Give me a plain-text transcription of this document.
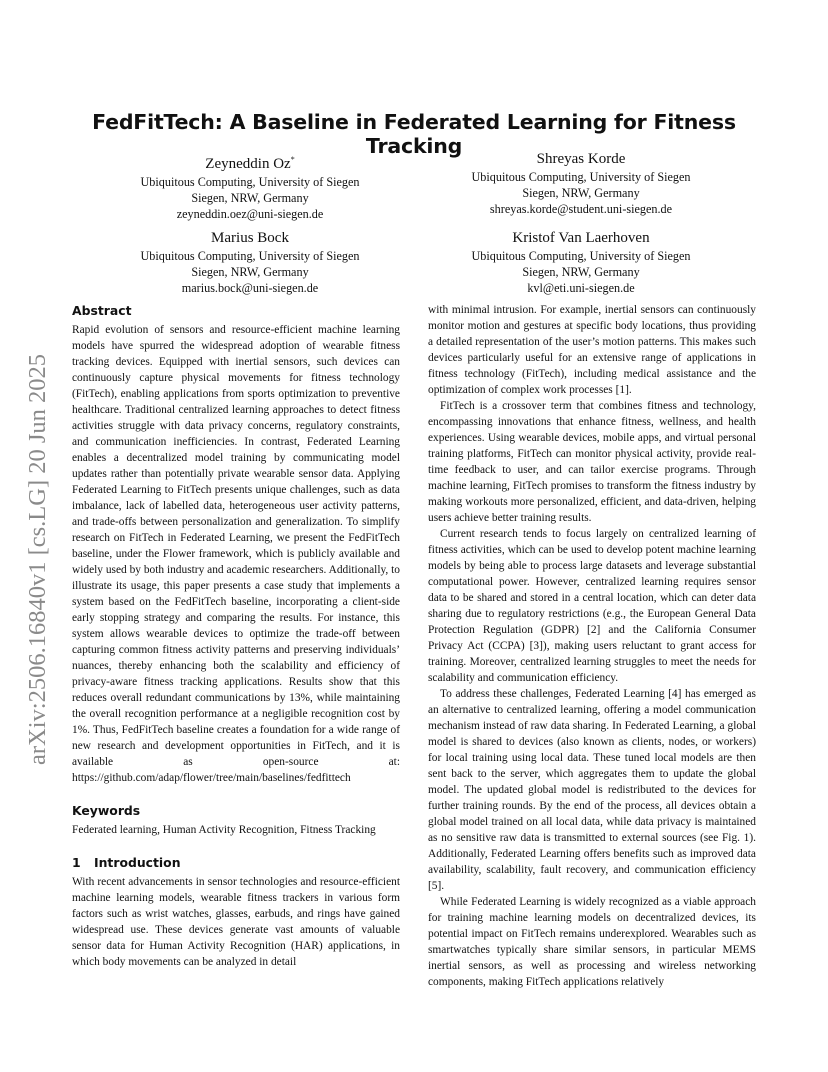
arXiv:2506.16840v1 [cs.LG] 20 Jun 2025
FedFitTech: A Baseline in Federated Learning for Fitness Tracking
Zeyneddin Oz*
Ubiquitous Computing, University of Siegen
Siegen, NRW, Germany
zeyneddin.oez@uni-siegen.de
Shreyas Korde
Ubiquitous Computing, University of Siegen
Siegen, NRW, Germany
shreyas.korde@student.uni-siegen.de
Marius Bock
Ubiquitous Computing, University of Siegen
Siegen, NRW, Germany
marius.bock@uni-siegen.de
Kristof Van Laerhoven
Ubiquitous Computing, University of Siegen
Siegen, NRW, Germany
kvl@eti.uni-siegen.de
Abstract

Rapid evolution of sensors and resource-efficient machine learning models have spurred the widespread adoption of wearable fitness tracking devices. Equipped with inertial sensors, such devices can continuously capture physical movements for fitness technology (FitTech), enabling applications from sports optimization to preventive healthcare. Traditional centralized learning approaches to detect fitness activities struggle with data privacy concerns, regulatory constraints, and communication inefficiencies. In contrast, Federated Learning enables a decentralized model training by communicating model updates rather than potentially private wearable sensor data. Applying Federated Learning to FitTech presents unique challenges, such as data imbalance, lack of labelled data, heterogeneous user activity patterns, and trade-offs between personalization and generalization. To simplify research on FitTech in Federated Learning, we present the FedFitTech baseline, under the Flower framework, which is publicly available and widely used by both industry and academic researchers. Additionally, to illustrate its usage, this paper presents a case study that implements a system based on the FedFitTech baseline, incorporating a client-side early stopping strategy and comparing the results. For instance, this system allows wearable devices to optimize the trade-off between capturing common fitness activity patterns and preserving individuals’ nuances, thereby enhancing both the scalability and efficiency of privacy-aware fitness tracking applications. Results show that this reduces overall redundant communications by 13%, while maintaining the overall recognition performance at a negligible recognition cost by 1%. Thus, FedFitTech baseline creates a foundation for a wide range of new research and development opportunities in FitTech, and it is available as open-source at: https://github.com/adap/flower/tree/main/baselines/fedfittech

Keywords

Federated learning, Human Activity Recognition, Fitness Tracking

1 Introduction

With recent advancements in sensor technologies and resource-efficient machine learning models, wearable fitness trackers in various form factors such as wrist watches, glasses, earbuds, and rings have gained widespread use. These devices generate vast amounts of valuable sensor data for Human Activity Recognition (HAR) applications, in which body movements can be analyzed in detail

with minimal intrusion. For example, inertial sensors can continuously monitor motion and gestures at specific body locations, thus providing a detailed representation of the user’s motion patterns. This makes such devices particularly useful for an extensive range of applications in fitness technology (FitTech), including medical assistance and the optimization of complex work processes [1].

FitTech is a crossover term that combines fitness and technology, encompassing innovations that enhance fitness, wellness, and health experiences. Using wearable devices, mobile apps, and virtual personal training platforms, FitTech can monitor physical activity, provide real-time feedback to user, and can tailor exercise programs. Through machine learning, FitTech promises to transform the fitness industry by making workouts more personalized, efficient, and data-driven, helping users achieve better training results.

Current research tends to focus largely on centralized learning of fitness activities, which can be used to develop potent machine learning models by being able to process large datasets and leverage substantial computational power. However, centralized learning requires sensor data to be shared and stored in a central location, which can deter data sharing due to regulatory restrictions (e.g., the European General Data Protection Regulation (GDPR) [2] and the California Consumer Privacy Act (CCPA) [3]), making users reluctant to grant access for training. Moreover, centralized learning struggles to meet the needs for scalability and communication efficiency.

To address these challenges, Federated Learning [4] has emerged as an alternative to centralized learning, offering a model communication mechanism instead of raw data sharing. In Federated Learning, a global model is shared to devices (also known as clients, nodes, or workers) for local training using local data. These tuned local models are then sent back to the server, which aggregates them to update the global model. The updated global model is redistributed to the devices for further training rounds. By the end of the process, all devices obtain a global model trained on all local data, while data privacy is maintained as no sensitive raw data is transmitted to external sources (see Fig. 1). Additionally, Federated Learning offers benefits such as improved data availability, scalability, fault recovery, and communication efficiency [5].

While Federated Learning is widely recognized as a viable approach for training machine learning models on decentralized devices, its potential impact on FitTech remains underexplored. Wearables such as smartwatches typically share similar sensors, in particular MEMS inertial sensors, as well as processing and wireless networking components, making FitTech applications relatively
